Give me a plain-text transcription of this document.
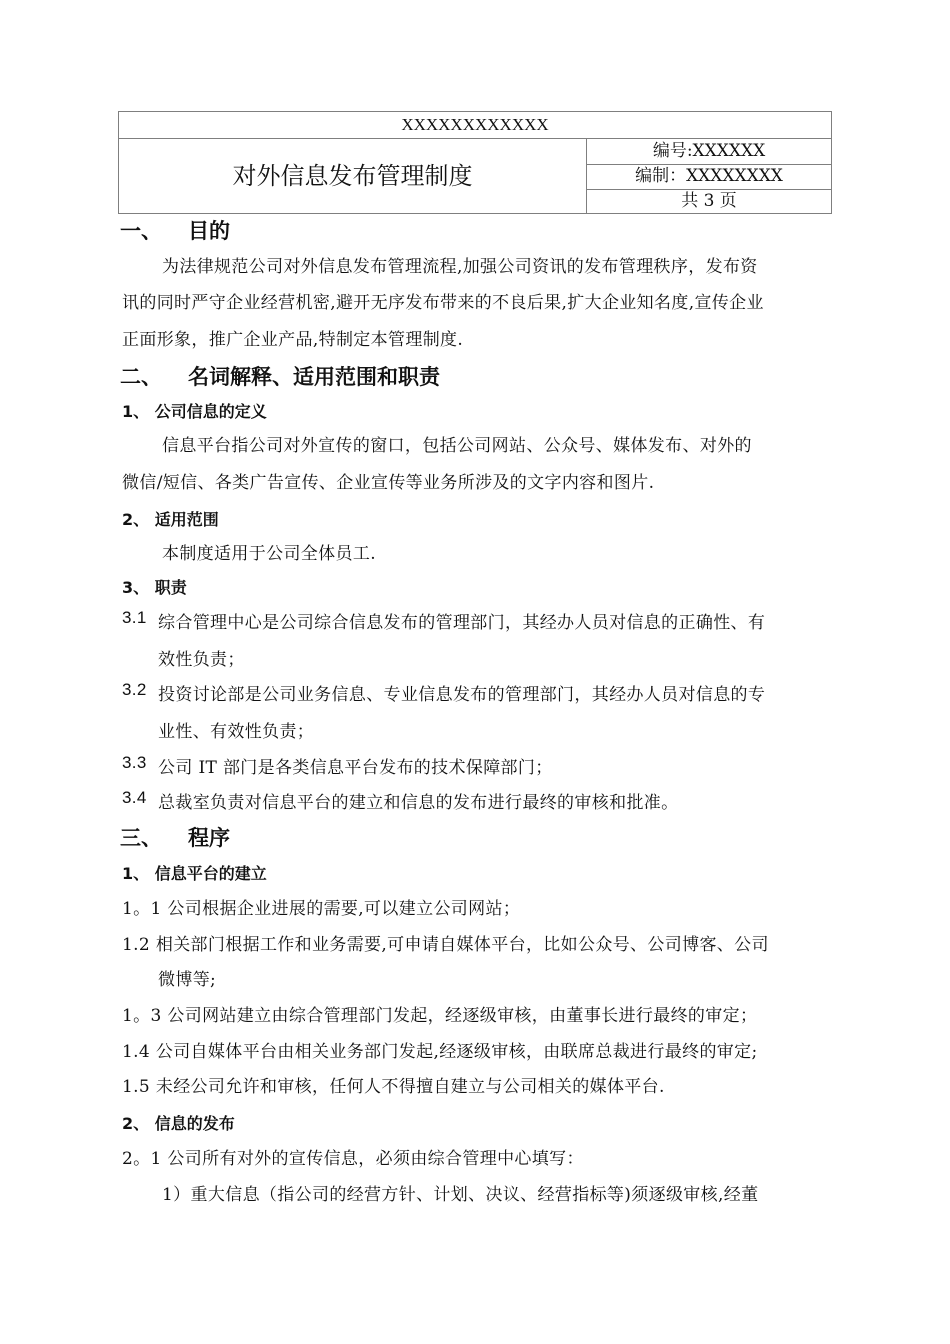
XXXXXXXXXXXX
对外信息发布管理制度
编号:XXXXXX
编制：XXXXXXXX
共 3 页
一、 目的
为法律规范公司对外信息发布管理流程,加强公司资讯的发布管理秩序，发布资
讯的同时严守企业经营机密,避开无序发布带来的不良后果,扩大企业知名度,宣传企业
正面形象，推广企业产品,特制定本管理制度.
二、 名词解释、适用范围和职责
1、 公司信息的定义
信息平台指公司对外宣传的窗口，包括公司网站、公众号、媒体发布、对外的
微信/短信、各类广告宣传、企业宣传等业务所涉及的文字内容和图片.
2、 适用范围
本制度适用于公司全体员工.
3、 职责
3.1 综合管理中心是公司综合信息发布的管理部门，其经办人员对信息的正确性、有
效性负责；
3.2 投资讨论部是公司业务信息、专业信息发布的管理部门，其经办人员对信息的专
业性、有效性负责；
3.3 公司 IT 部门是各类信息平台发布的技术保障部门；
3.4 总裁室负责对信息平台的建立和信息的发布进行最终的审核和批准。
三、 程序
1、 信息平台的建立
1。1 公司根据企业进展的需要,可以建立公司网站；
1.2 相关部门根据工作和业务需要,可申请自媒体平台，比如公众号、公司博客、公司
微博等;
1。3 公司网站建立由综合管理部门发起，经逐级审核，由董事长进行最终的审定；
1.4 公司自媒体平台由相关业务部门发起,经逐级审核，由联席总裁进行最终的审定;
1.5 未经公司允许和审核，任何人不得擅自建立与公司相关的媒体平台.
2、 信息的发布
2。1 公司所有对外的宣传信息，必须由综合管理中心填写：
1）重大信息（指公司的经营方针、计划、决议、经营指标等)须逐级审核,经董
